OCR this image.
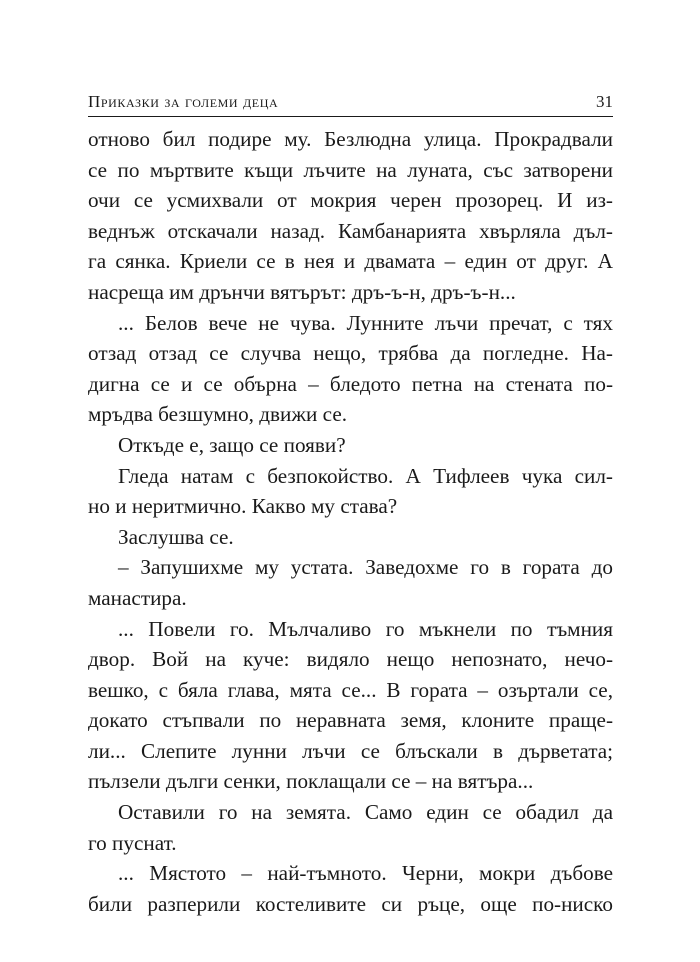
Приказки за големи деца	31
отново бил подире му. Безлюдна улица. Прокрадвали
се по мъртвите къщи лъчите на луната, със затворени
очи се усмихвали от мокрия черен прозорец. И из-
веднъж отскачали назад. Камбанарията хвърляла дъл-
га сянка. Криели се в нея и двамата – един от друг. А
насреща им дрънчи вятърът: дръ-ъ-н, дръ-ъ-н...
... Белов вече не чува. Лунните лъчи пречат, с тях
отзад отзад се случва нещо, трябва да погледне. На-
дигна се и се обърна – бледото петна на стената по-
мръдва безшумно, движи се.
Откъде е, защо се появи?
Гледа натам с безпокойство. А Тифлеев чука сил-
но и неритмично. Какво му става?
Заслушва се.
– Запушихме му устата. Заведохме го в гората до
манастира.
... Повели го. Мълчаливо го мъкнели по тъмния
двор. Вой на куче: видяло нещо непознато, нечо-
вешко, с бяла глава, мята се... В гората – озъртали се,
докато стъпвали по неравната земя, клоните праще-
ли... Слепите лунни лъчи се блъскали в дърветата;
пълзели дълги сенки, поклащали се – на вятъра...
Оставили го на земята. Само един се обадил да
го пуснат.
... Мястото – най-тъмното. Черни, мокри дъбове
били разперили костеливите си ръце, още по-ниско
